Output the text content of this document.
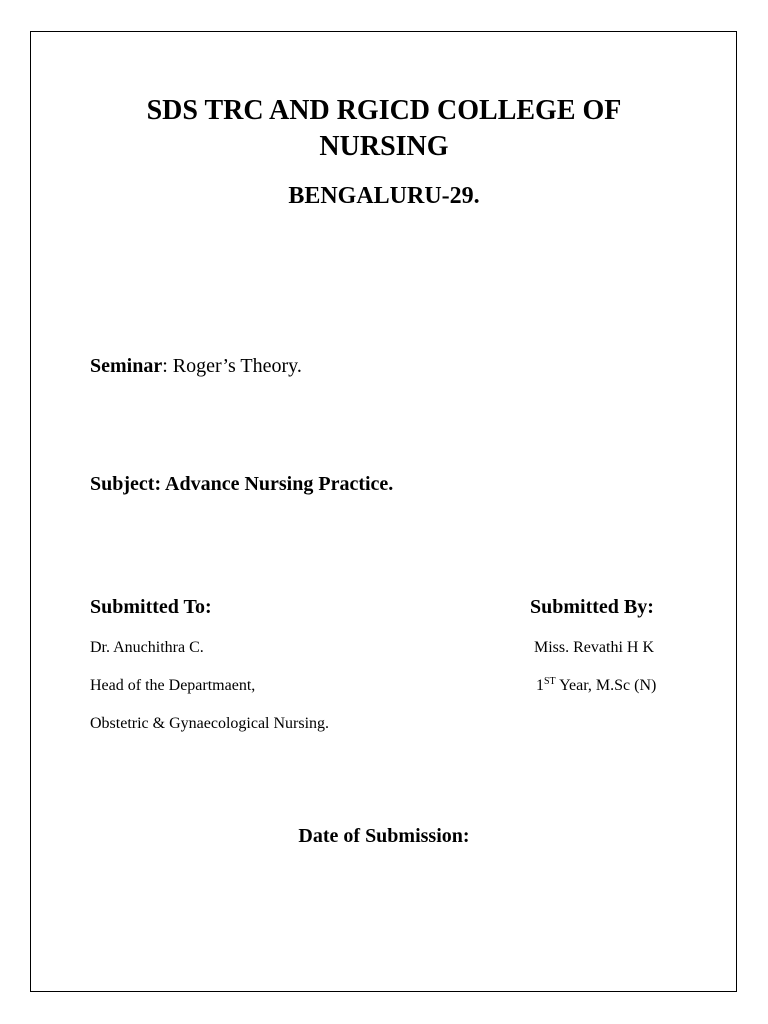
SDS TRC AND RGICD COLLEGE OF
NURSING
BENGALURU-29.
Seminar: Roger’s Theory.
Subject: Advance Nursing Practice.
Submitted To:	Submitted By:
Dr. Anuchithra C.
Head of the Departmaent,
Obstetric & Gynaecological Nursing.
Miss. Revathi H K
1ST Year, M.Sc (N)
Date of Submission:
